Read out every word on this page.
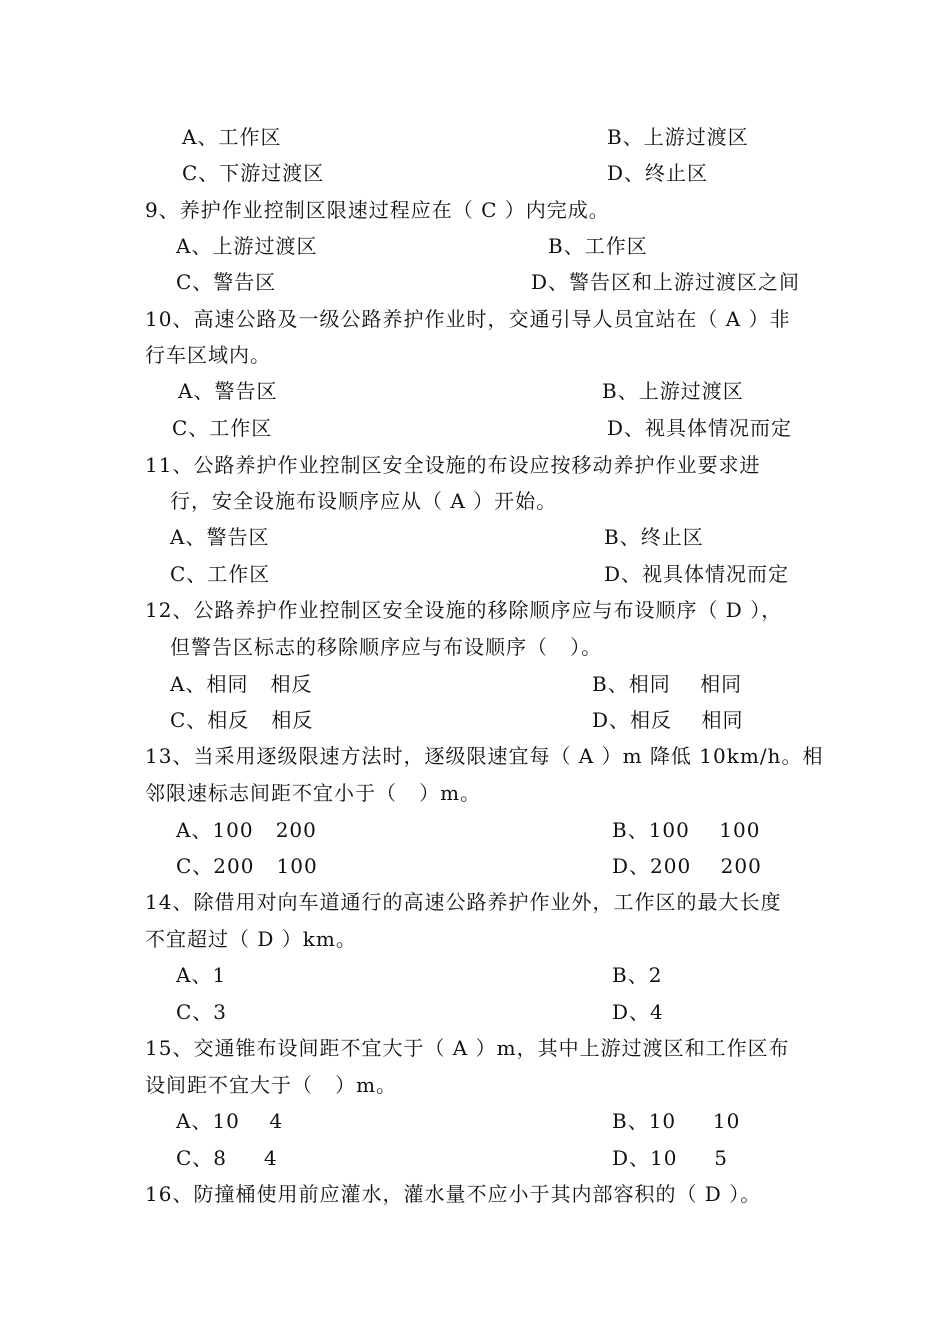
A、工作区	B、上游过渡区
C、下游过渡区	D、终止区
9、养护作业控制区限速过程应在（ C ）内完成。
A、上游过渡区	B、工作区
C、警告区	D、警告区和上游过渡区之间
10、高速公路及一级公路养护作业时，交通引导人员宜站在（ A ）非
行车区域内。
A、警告区	B、上游过渡区
C、工作区	D、视具体情况而定
11、公路养护作业控制区安全设施的布设应按移动养护作业要求进
行，安全设施布设顺序应从（ A ）开始。
A、警告区	B、终止区
C、工作区	D、视具体情况而定
12、公路养护作业控制区安全设施的移除顺序应与布设顺序（ D ），
但警告区标志的移除顺序应与布设顺序（   ）。
A、相同   相反	B、相同    相同
C、相反   相反	D、相反    相同
13、当采用逐级限速方法时，逐级限速宜每（ A ）m 降低 10km/h。相
邻限速标志间距不宜小于（   ）m。
A、100   200	B、100    100
C、200   100	D、200    200
14、除借用对向车道通行的高速公路养护作业外，工作区的最大长度
不宜超过（ D ）km。
A、1	B、2
C、3	D、4
15、交通锥布设间距不宜大于（ A ）m，其中上游过渡区和工作区布
设间距不宜大于（   ）m。
A、10    4	B、10     10
C、8     4	D、10     5
16、防撞桶使用前应灌水，灌水量不应小于其内部容积的（ D ）。
